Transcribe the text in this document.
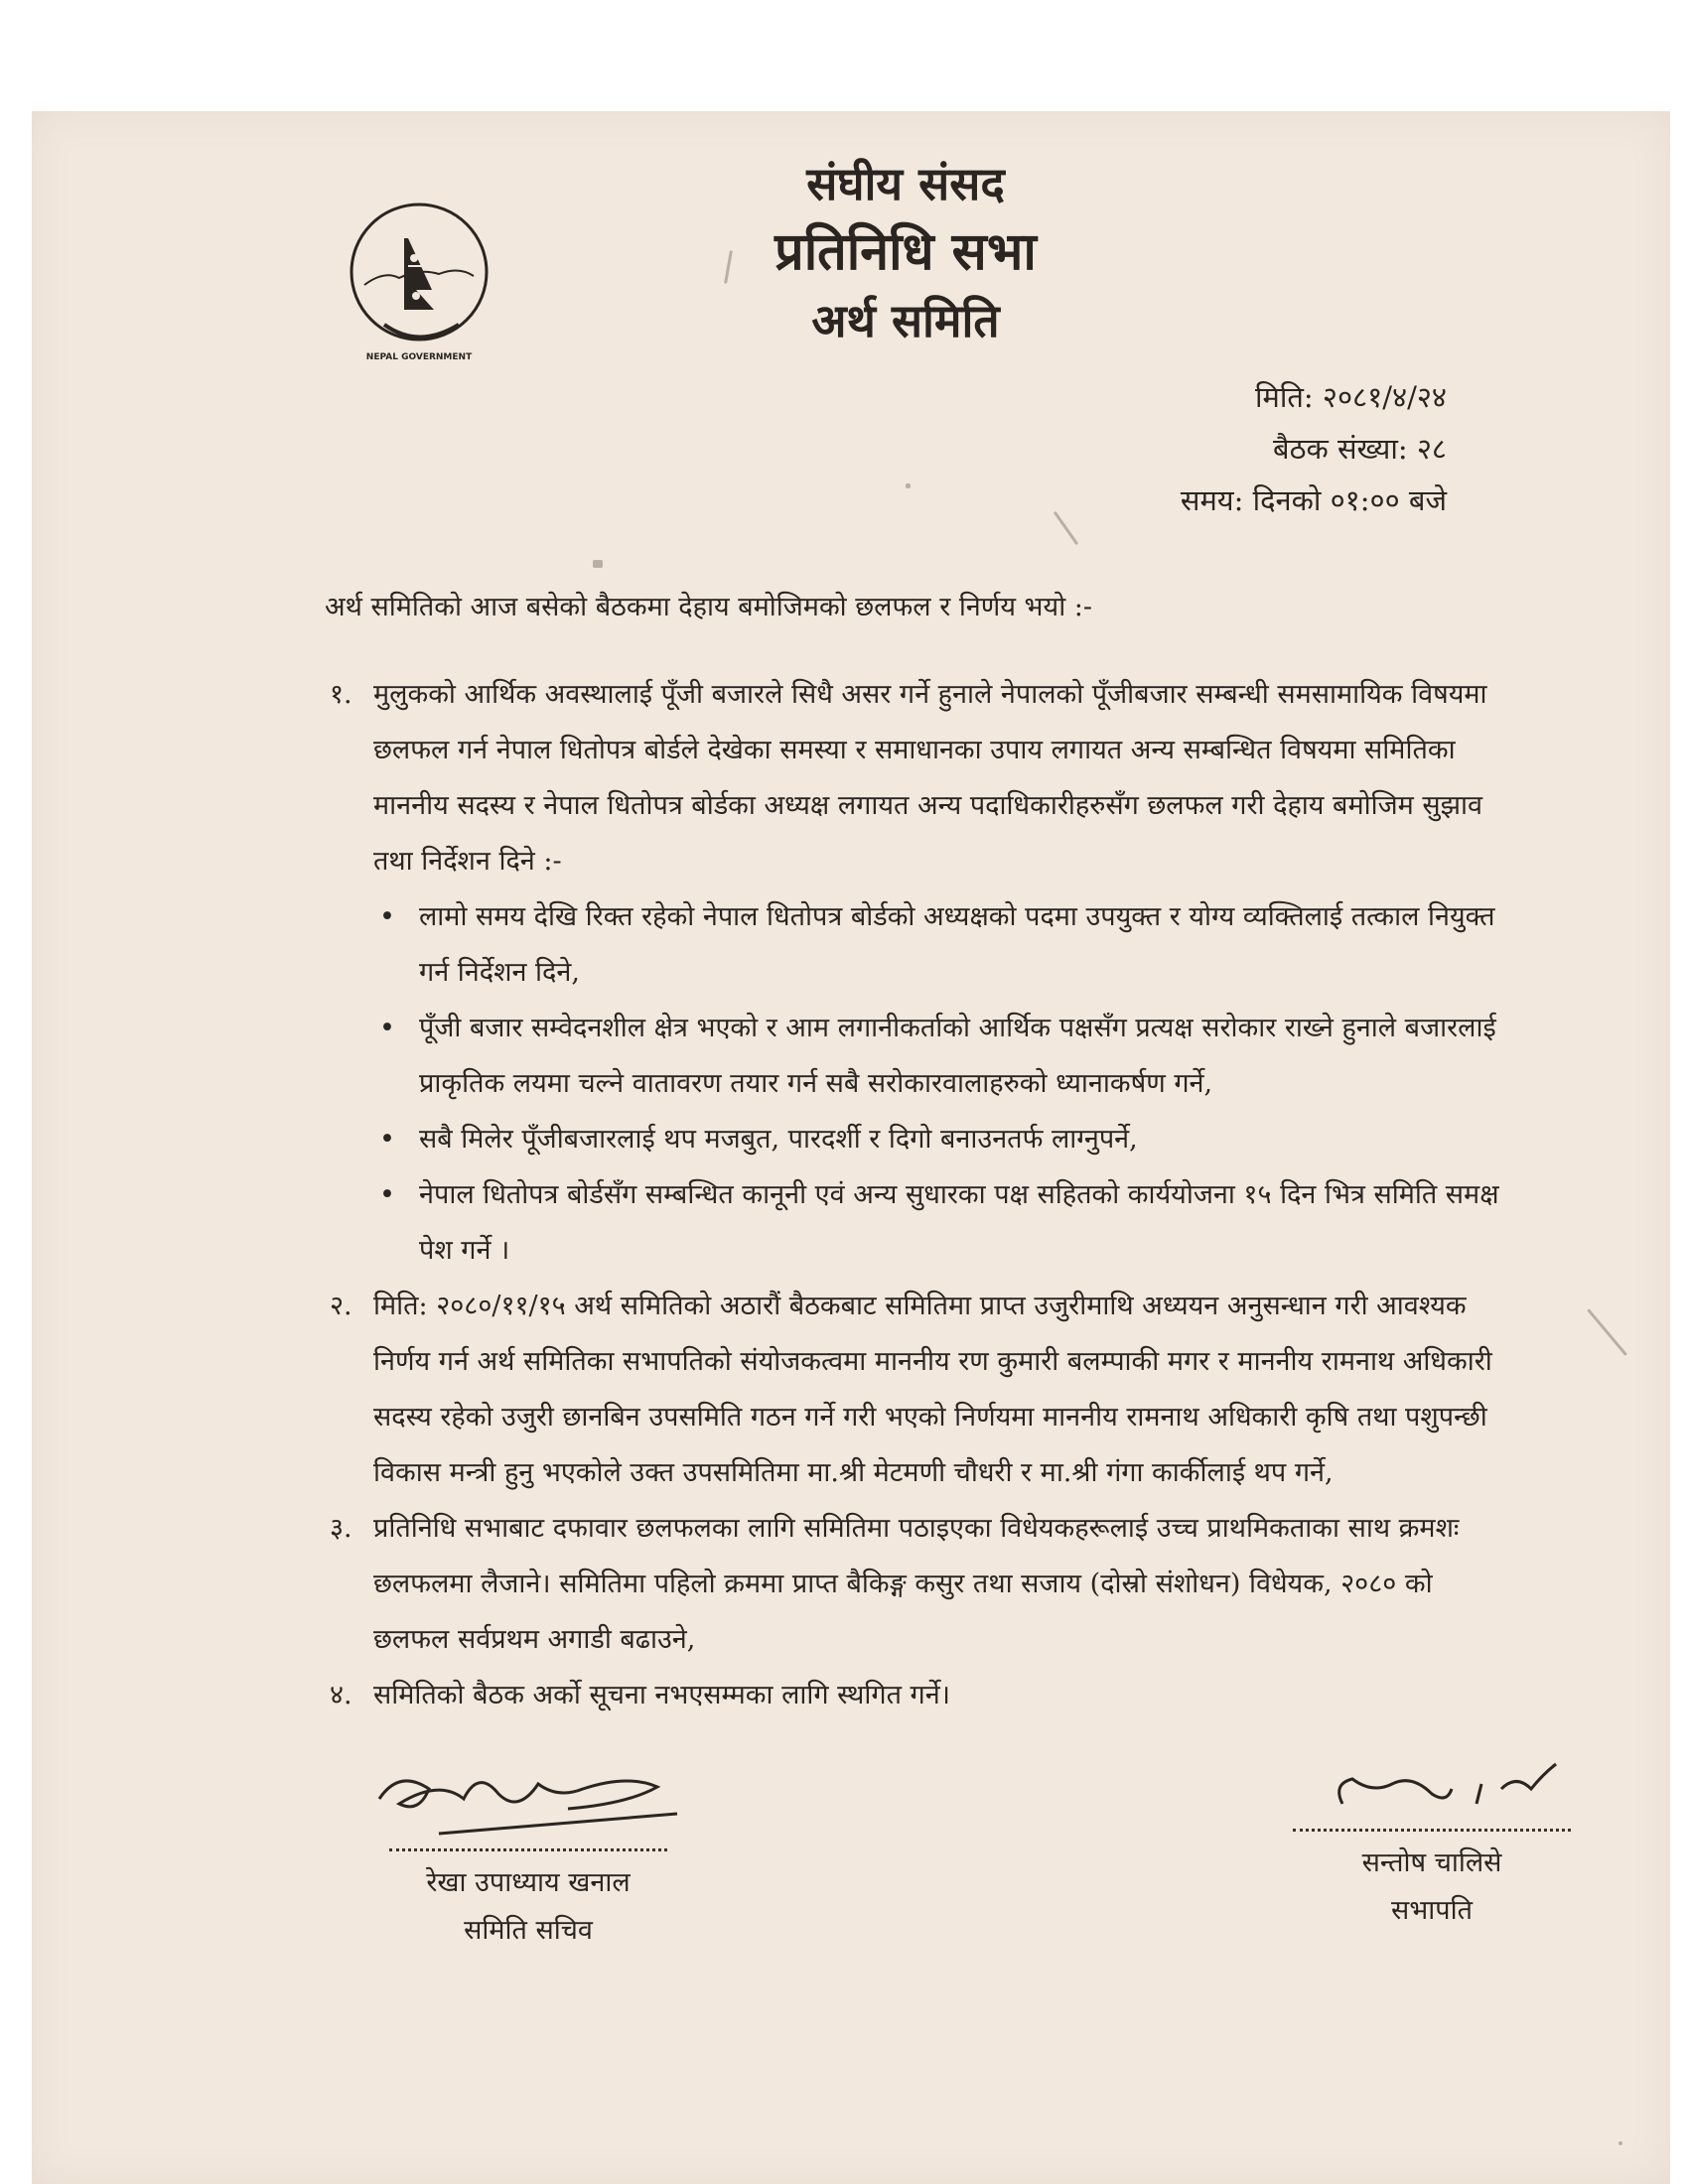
NEPAL GOVERNMENT
संघीय संसद
प्रतिनिधि सभा
अर्थ समिति
मिति: २०८१/४/२४
बैठक संख्या: २८
समय: दिनको ०१:०० बजे
अर्थ समितिको आज बसेको बैठकमा देहाय बमोजिमको छलफल र निर्णय भयो :-
१. मुलुकको आर्थिक अवस्थालाई पूँजी बजारले सिधै असर गर्ने हुनाले नेपालको पूँजीबजार सम्बन्धी समसामायिक विषयमा छलफल गर्न नेपाल धितोपत्र बोर्डले देखेका समस्या र समाधानका उपाय लगायत अन्य सम्बन्धित विषयमा समितिका माननीय सदस्य र नेपाल धितोपत्र बोर्डका अध्यक्ष लगायत अन्य पदाधिकारीहरुसँग छलफल गरी देहाय बमोजिम सुझाव तथा निर्देशन दिने :-
• लामो समय देखि रिक्त रहेको नेपाल धितोपत्र बोर्डको अध्यक्षको पदमा उपयुक्त र योग्य व्यक्तिलाई तत्काल नियुक्त गर्न निर्देशन दिने,
• पूँजी बजार सम्वेदनशील क्षेत्र भएको र आम लगानीकर्ताको आर्थिक पक्षसँग प्रत्यक्ष सरोकार राख्ने हुनाले बजारलाई प्राकृतिक लयमा चल्ने वातावरण तयार गर्न सबै सरोकारवालाहरुको ध्यानाकर्षण गर्ने,
• सबै मिलेर पूँजीबजारलाई थप मजबुत, पारदर्शी र दिगो बनाउनतर्फ लाग्नुपर्ने,
• नेपाल धितोपत्र बोर्डसँग सम्बन्धित कानूनी एवं अन्य सुधारका पक्ष सहितको कार्ययोजना १५ दिन भित्र समिति समक्ष पेश गर्ने ।
२. मिति: २०८०/११/१५ अर्थ समितिको अठारौं बैठकबाट समितिमा प्राप्त उजुरीमाथि अध्ययन अनुसन्धान गरी आवश्यक निर्णय गर्न अर्थ समितिका सभापतिको संयोजकत्वमा माननीय रण कुमारी बलम्पाकी मगर र माननीय रामनाथ अधिकारी सदस्य रहेको उजुरी छानबिन उपसमिति गठन गर्ने गरी भएको निर्णयमा माननीय रामनाथ अधिकारी कृषि तथा पशुपन्छी विकास मन्त्री हुनु भएकोले उक्त उपसमितिमा मा.श्री मेटमणी चौधरी र मा.श्री गंगा कार्कीलाई थप गर्ने,
३. प्रतिनिधि सभाबाट दफावार छलफलका लागि समितिमा पठाइएका विधेयकहरूलाई उच्च प्राथमिकताका साथ क्रमशः छलफलमा लैजाने। समितिमा पहिलो क्रममा प्राप्त बैकिङ्ग कसुर तथा सजाय (दोस्रो संशोधन) विधेयक, २०८० को छलफल सर्वप्रथम अगाडी बढाउने,
४. समितिको बैठक अर्को सूचना नभएसम्मका लागि स्थगित गर्ने।
रेखा उपाध्याय खनाल
समिति सचिव
सन्तोष चालिसे
सभापति
